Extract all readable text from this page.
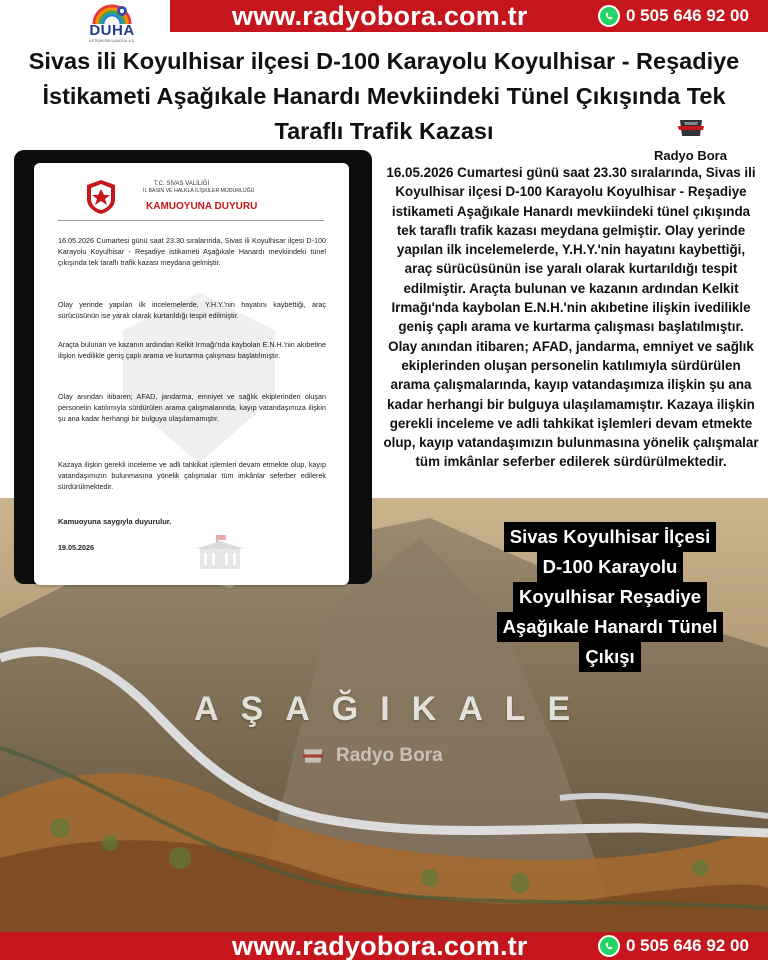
www.radyobora.com.tr	0 505 646 92 00
DUHA
İLETİŞİM REKLAMCILIK A.Ş.
Sivas ili Koyulhisar ilçesi D-100 Karayolu Koyulhisar - Reşadiye İstikameti Aşağıkale Hanardı Mevkiindeki Tünel Çıkışında Tek Taraflı Trafik Kazası
Radyo Bora
16.05.2026 Cumartesi günü saat 23.30 sıralarında, Sivas ili Koyulhisar ilçesi D-100 Karayolu Koyulhisar - Reşadiye istikameti Aşağıkale Hanardı mevkiindeki tünel çıkışında tek taraflı trafik kazası meydana gelmiştir. Olay yerinde yapılan ilk incelemelerde, Y.H.Y.'nin hayatını kaybettiği, araç sürücüsünün ise yaralı olarak kurtarıldığı tespit edilmiştir. Araçta bulunan ve kazanın ardından Kelkit Irmağı'nda kaybolan E.N.H.'nin akıbetine ilişkin ivedilikle geniş çaplı arama ve kurtarma çalışması başlatılmıştır. Olay anından itibaren; AFAD, jandarma, emniyet ve sağlık ekiplerinden oluşan personelin katılımıyla sürdürülen arama çalışmalarında, kayıp vatandaşımıza ilişkin şu ana kadar herhangi bir bulguya ulaşılamamıştır. Kazaya ilişkin gerekli inceleme ve adli tahkikat işlemleri devam etmekte olup, kayıp vatandaşımızın bulunmasına yönelik çalışmalar tüm imkânlar seferber edilerek sürdürülmektedir.
AŞAĞIKALE
Radyo Bora
T.C. SİVAS VALİLİĞİ
İL BASIN VE HALKLA İLİŞKİLER MÜDÜRLÜĞÜ
KAMUOYUNA DUYURU
16.05.2026 Cumartesi günü saat 23.30 sıralarında, Sivas ili Koyulhisar ilçesi D-100 Karayolu Koyulhisar - Reşadiye istikameti Aşağıkale Hanardı mevkiindeki tünel çıkışında tek taraflı trafik kazası meydana gelmiştir.
Olay yerinde yapılan ilk incelemelerde, Y.H.Y.'nin hayatını kaybettiği, araç sürücüsünün ise yaralı olarak kurtarıldığı tespit edilmiştir.
Araçta bulunan ve kazanın ardından Kelkit Irmağı'nda kaybolan E.N.H.'nin akıbetine ilişkin ivedilikle geniş çaplı arama ve kurtarma çalışması başlatılmıştır.
Olay anından itibaren; AFAD, jandarma, emniyet ve sağlık ekiplerinden oluşan personelin katılımıyla sürdürülen arama çalışmalarında, kayıp vatandaşımıza ilişkin şu ana kadar herhangi bir bulguya ulaşılamamıştır.
Kazaya ilişkin gerekli inceleme ve adli tahkikat işlemleri devam etmekte olup, kayıp vatandaşımızın bulunmasına yönelik çalışmalar tüm imkânlar seferber edilerek sürdürülmektedir.
Kamuoyuna saygıyla duyurulur.
19.05.2026
Sivas Koyulhisar İlçesi
D-100 Karayolu
Koyulhisar Reşadiye
Aşağıkale Hanardı Tünel
Çıkışı
www.radyobora.com.tr	0 505 646 92 00
